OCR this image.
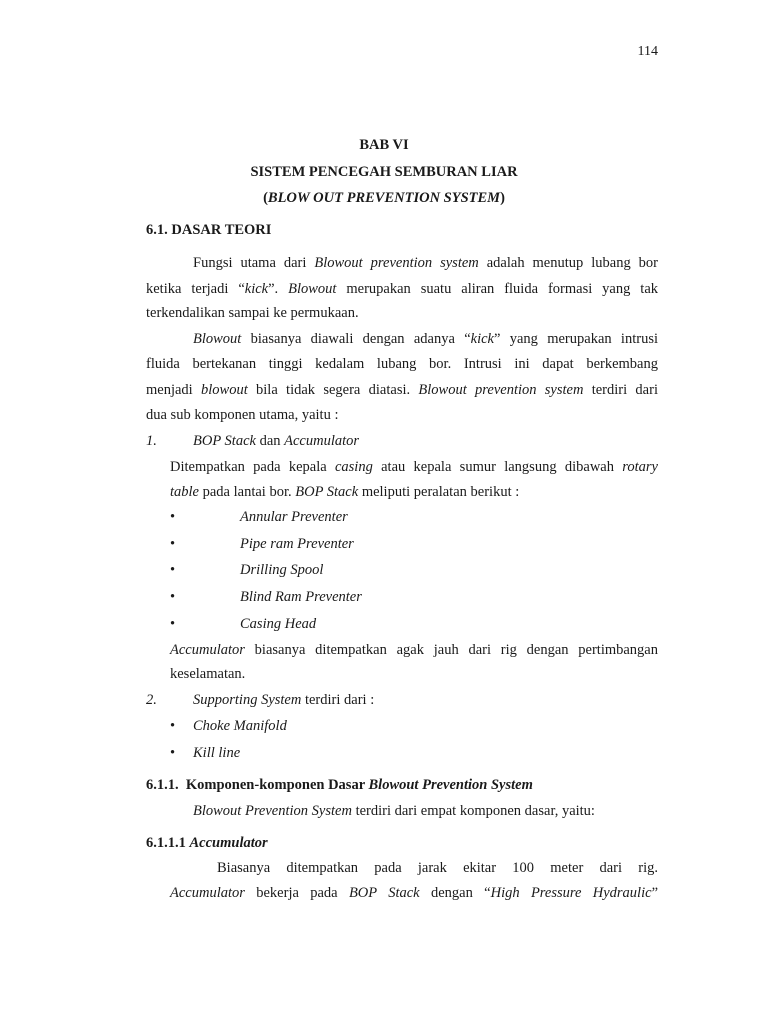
114
BAB VI
SISTEM PENCEGAH SEMBURAN LIAR
(BLOW OUT PREVENTION SYSTEM)
6.1. DASAR TEORI
Fungsi utama dari Blowout prevention system adalah menutup lubang bor
ketika terjadi “kick”. Blowout merupakan suatu aliran fluida formasi yang tak
terkendalikan sampai ke permukaan.
Blowout biasanya diawali dengan adanya “kick” yang merupakan intrusi
fluida bertekanan tinggi kedalam lubang bor. Intrusi ini dapat berkembang
menjadi blowout bila tidak segera diatasi. Blowout prevention system terdiri dari
dua sub komponen utama, yaitu :
1. BOP Stack dan Accumulator
Ditempatkan pada kepala casing atau kepala sumur langsung dibawah rotary
table pada lantai bor. BOP Stack meliputi peralatan berikut :
•	Annular Preventer
•	Pipe ram Preventer
•	Drilling Spool
•	Blind Ram Preventer
•	Casing Head
Accumulator biasanya ditempatkan agak jauh dari rig dengan pertimbangan
keselamatan.
2. Supporting System terdiri dari :
• Choke Manifold
• Kill line
6.1.1. Komponen-komponen Dasar Blowout Prevention System
Blowout Prevention System terdiri dari empat komponen dasar, yaitu:
6.1.1.1 Accumulator
Biasanya ditempatkan pada jarak ekitar 100 meter dari rig.
Accumulator bekerja pada BOP Stack dengan “High Pressure Hydraulic”
